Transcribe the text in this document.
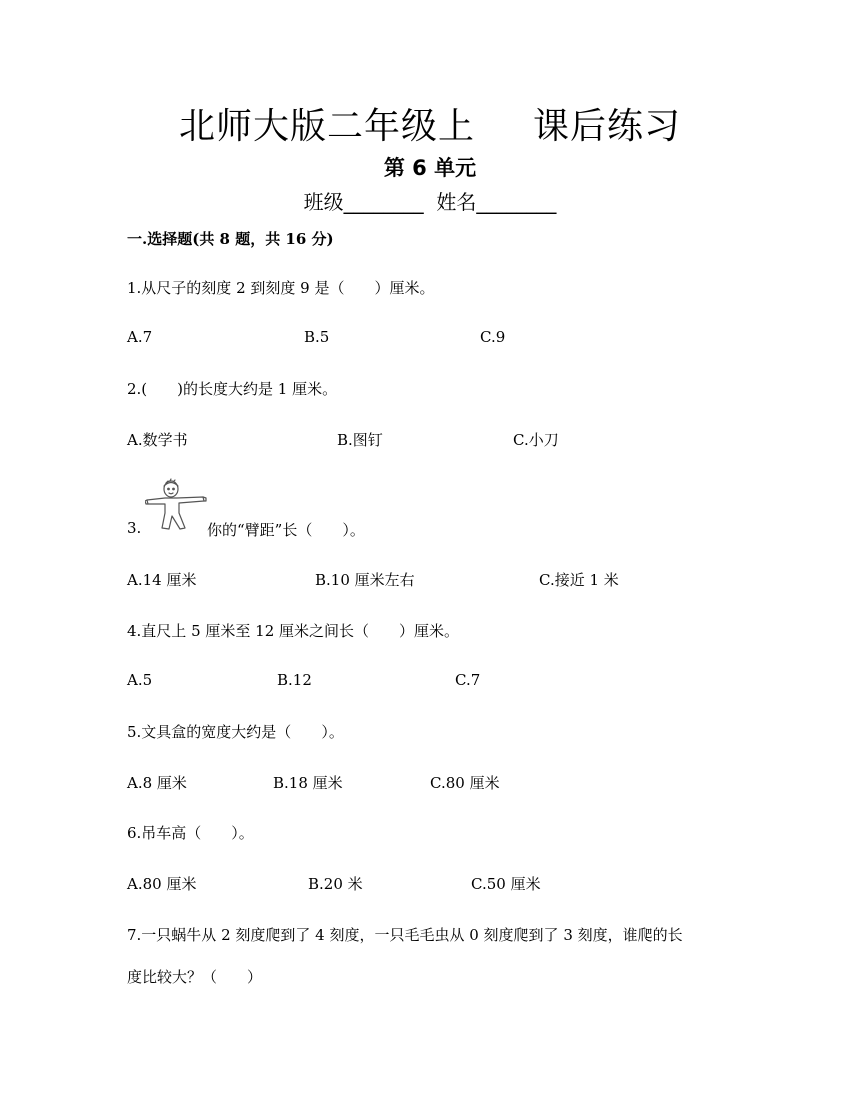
北师大版二年级上 课后练习
第 6 单元
班级________ 姓名________
一.选择题(共 8 题，共 16 分)
1.从尺子的刻度 2 到刻度 9 是（　　）厘米。
A.7	B.5	C.9
2.(　　)的长度大约是 1 厘米。
A.数学书	B.图钉	C.小刀
3.	你的“臂距”长（　　）。
A.14 厘米	B.10 厘米左右	C.接近 1 米
4.直尺上 5 厘米至 12 厘米之间长（　　）厘米。
A.5	B.12	C.7
5.文具盒的宽度大约是（　　）。
A.8 厘米	B.18 厘米	C.80 厘米
6.吊车高（　　）。
A.80 厘米	B.20 米	C.50 厘米
7.一只蜗牛从 2 刻度爬到了 4 刻度，一只毛毛虫从 0 刻度爬到了 3 刻度，谁爬的长
度比较大？（　　）
